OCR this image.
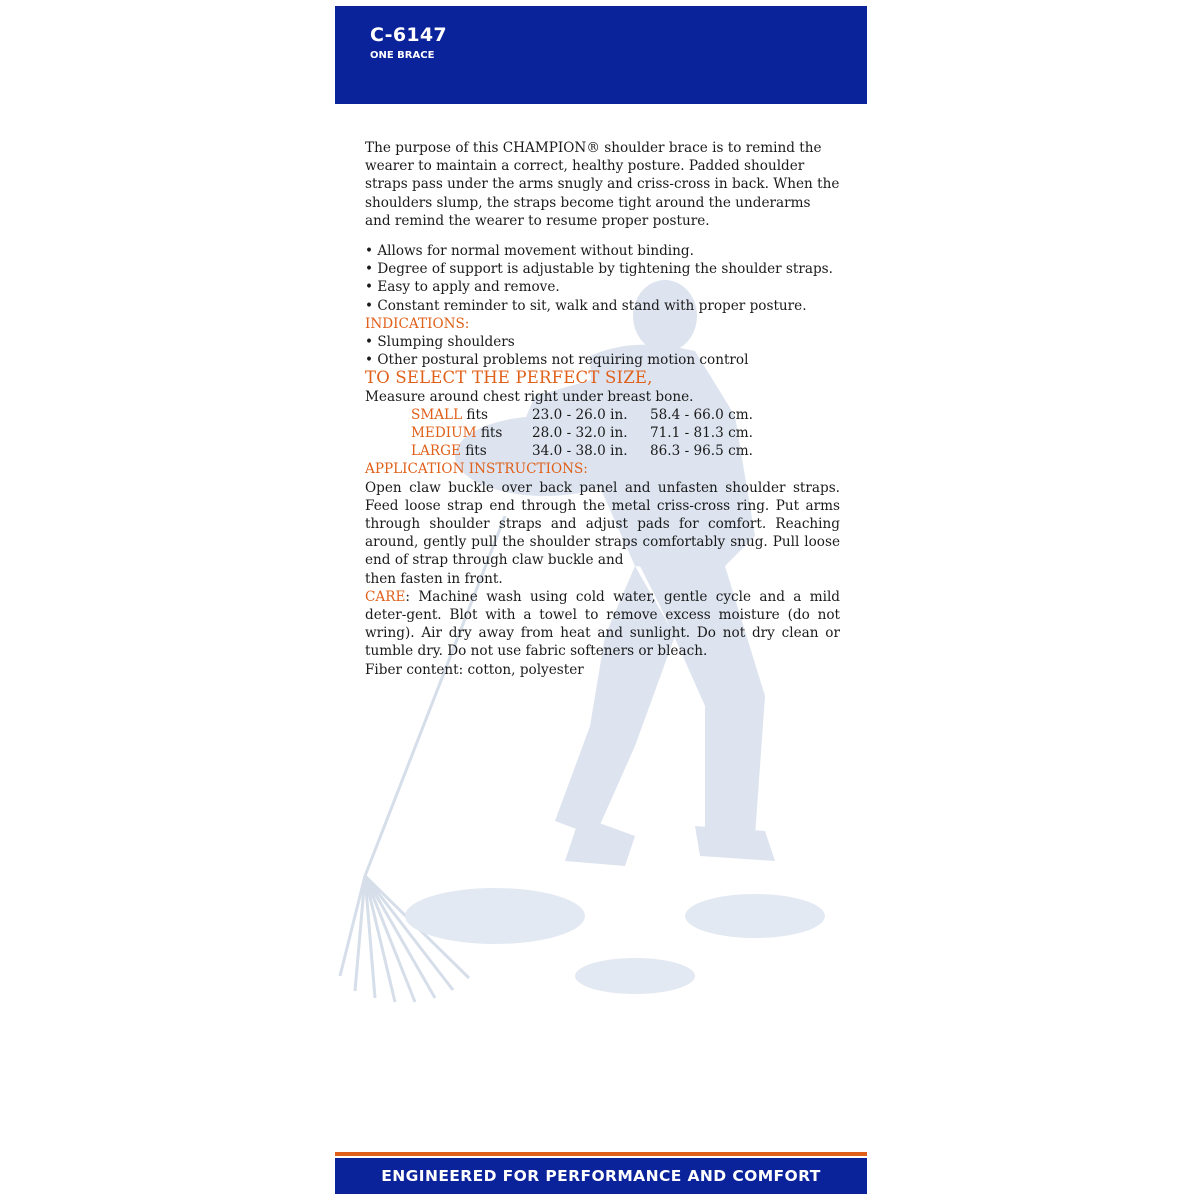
C-6147
ONE BRACE

The purpose of this CHAMPION® shoulder brace is to remind the wearer to maintain a correct, healthy posture. Padded shoulder straps pass under the arms snugly and criss-cross in back. When the shoulders slump, the straps become tight around the underarms and remind the wearer to resume proper posture.

• Allows for normal movement without binding.

• Degree of support is adjustable by tightening the shoulder straps.

• Easy to apply and remove.

• Constant reminder to sit, walk and stand with proper posture.

INDICATIONS:

• Slumping shoulders

• Other postural problems not requiring motion control

TO SELECT THE PERFECT SIZE,

Measure around chest right under breast bone.

SMALL fits	23.0 - 26.0 in.	58.4 - 66.0 cm.
MEDIUM fits	28.0 - 32.0 in.	71.1 - 81.3 cm.
LARGE fits	34.0 - 38.0 in.	86.3 - 96.5 cm.

APPLICATION INSTRUCTIONS:

Open claw buckle over back panel and unfasten shoulder straps. Feed loose strap end through the metal criss-cross ring. Put arms through shoulder straps and adjust pads for comfort. Reaching around, gently pull the shoulder straps comfortably snug. Pull loose end of strap through claw buckle and

then fasten in front.

CARE: Machine wash using cold water, gentle cycle and a mild deter-gent. Blot with a towel to remove excess moisture (do not wring). Air dry away from heat and sunlight. Do not dry clean or tumble dry. Do not use fabric softeners or bleach.

Fiber content: cotton, polyester

ENGINEERED FOR PERFORMANCE AND COMFORT
